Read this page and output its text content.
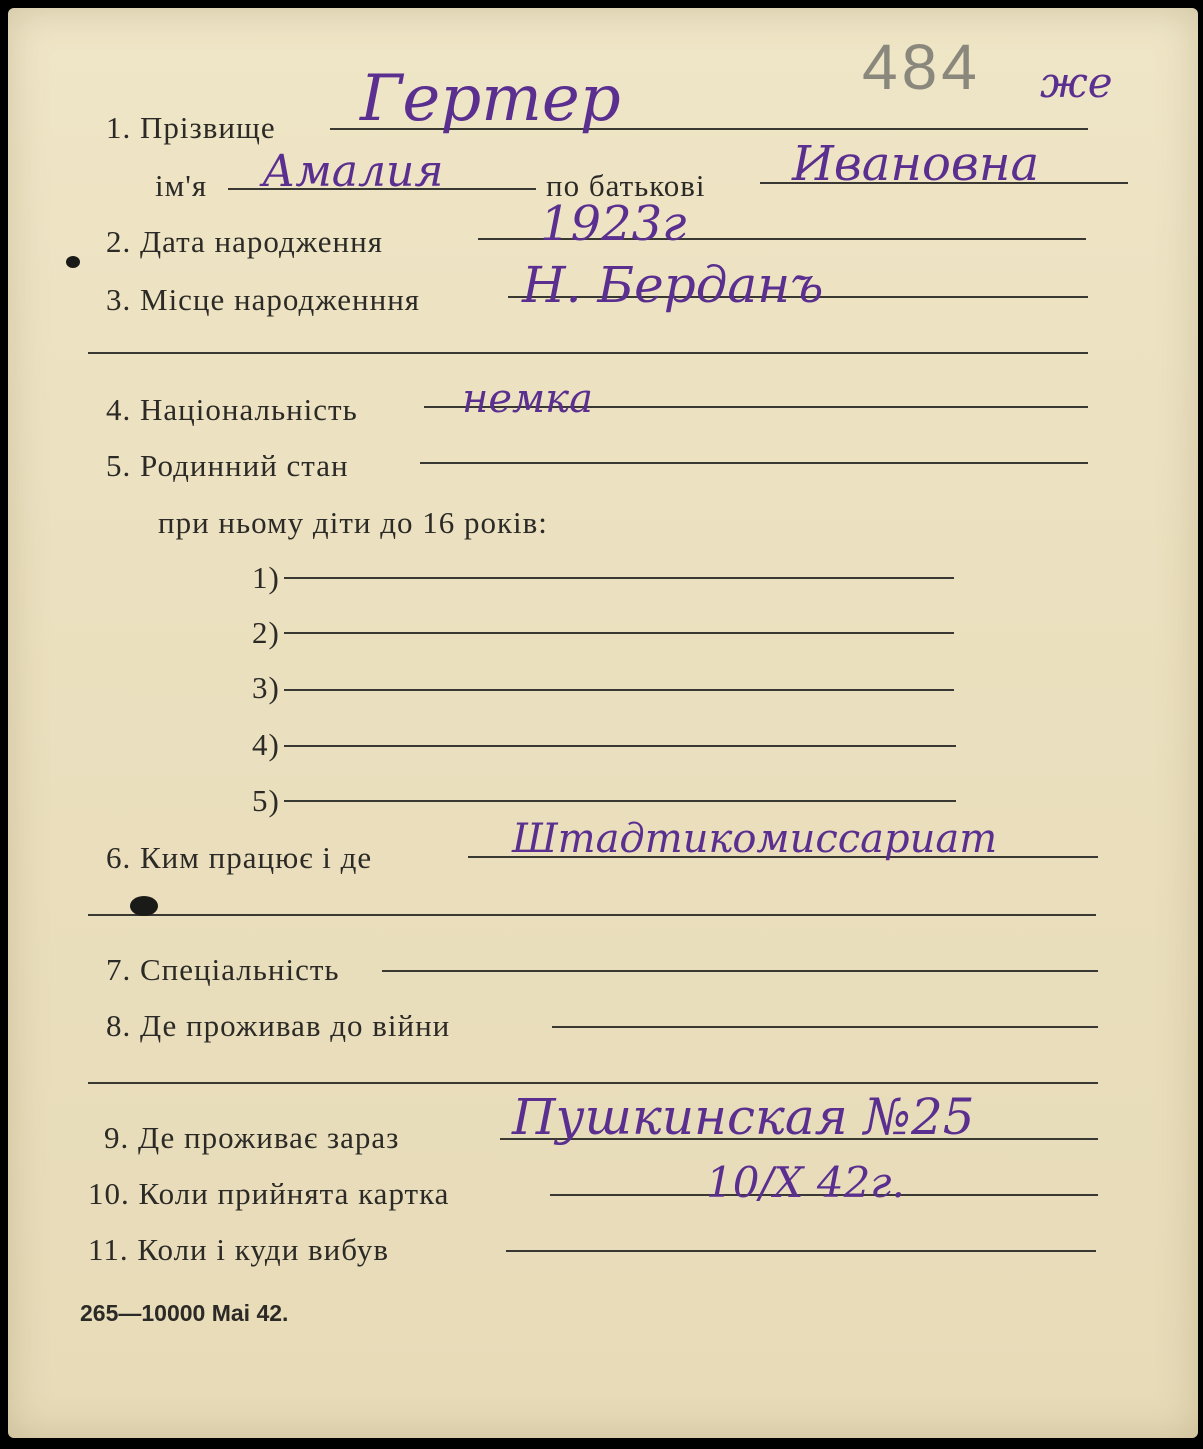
484 же
1. Прізвище Гертер
ім'я Амалия	по батькові Ивановна
2. Дата народження	1923г
3. Місце народженння Н. Берданъ
4. Національність	немка
5. Родинний стан
при ньому діти до 16 років:
1)
2)
3)
4)
5)
6. Ким працює і де	Штадтикомиссариат
7. Спеціальність
8. Де проживав до війни
9. Де проживає зараз Пушкинская №25
10. Коли прийнята картка	10/X 42г.
11. Коли і куди вибув
265—10000 Mai 42.
